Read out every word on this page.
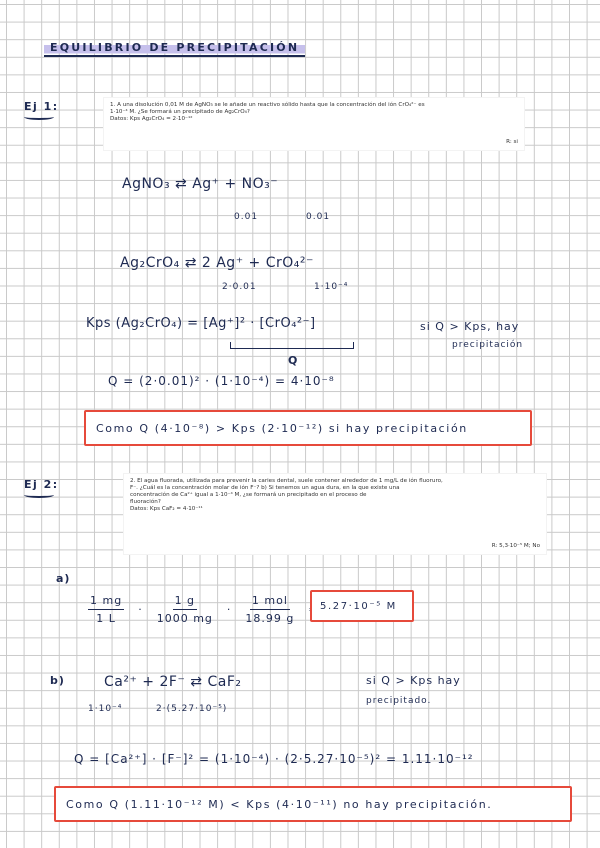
EQUILIBRIO DE PRECIPITACIÓN
Ej 1:	1. A una disolución 0,01 M de AgNO₃ se le añade un reactivo sólido hasta que la concentración del ión CrO₄²⁻ es
1·10⁻⁴ M. ¿Se formará un precipitado de Ag₂CrO₄?
Datos: Kps Ag₂CrO₄ = 2·10⁻¹²
R: si
AgNO₃ ⇄ Ag⁺ + NO₃⁻
0.01	0.01
Ag₂CrO₄ ⇄ 2 Ag⁺ + CrO₄²⁻
2·0.01	1·10⁻⁴
Kps (Ag₂CrO₄) = [Ag⁺]² · [CrO₄²⁻]
Q
si Q > Kps, hay
precipitación
Q = (2·0.01)² · (1·10⁻⁴) = 4·10⁻⁸
Como Q (4·10⁻⁸) > Kps (2·10⁻¹²) si hay precipitación
Ej 2:	2. El agua fluorada, utilizada para prevenir la caries dental, suele contener alrededor de 1 mg/L de ión fluoruro,
F⁻. ¿Cuál es la concentración molar de ión F⁻? b) Si tenemos un agua dura, en la que existe una
concentración de Ca²⁺ igual a 1·10⁻⁴ M, ¿se formará un precipitado en el proceso de
fluoración?
Datos: Kps CaF₂ = 4·10⁻¹¹
R: 5,3·10⁻⁵ M; No
a)
$\frac{1 mg}{1 L} \cdot \frac{1 g}{1000 mg} \cdot \frac{\text{1 mol}}{18.99 g}$	5.27·10⁻⁵ M
b)	Ca²⁺ + 2F⁻ ⇄ CaF₂
1·10⁻⁴	2·(5.27·10⁻⁵)
si Q > Kps hay
precipitado.
Q = [Ca²⁺] · [F⁻]² = (1·10⁻⁴) · (2·5.27·10⁻⁵)² = 1.11·10⁻¹²
Como Q (1.11·10⁻¹² M) < Kps (4·10⁻¹¹) no hay precipitación.
